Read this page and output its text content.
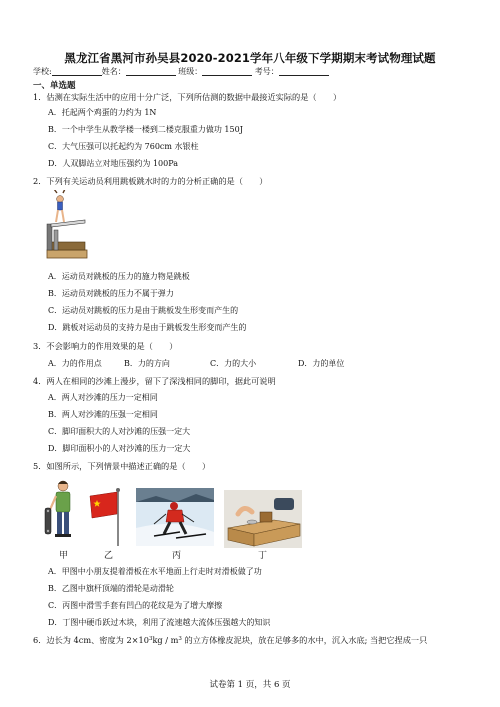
黑龙江省黑河市孙吴县2020-2021学年八年级下学期期末考试物理试题
学校:	姓名：	班级：	考号：
一、单选题
1．估测在实际生活中的应用十分广泛，下列所估测的数据中最接近实际的是（　　）
A．托起两个鸡蛋的力约为 1N
B．一个中学生从教学楼一楼到二楼克服重力做功 150J
C．大气压强可以托起约为 760cm 水银柱
D．人双脚站立对地压强约为 100Pa
2．下列有关运动员利用跳板跳水时的力的分析正确的是（　　）
A．运动员对跳板的压力的施力物是跳板
B．运动员对跳板的压力不属于弹力
C．运动员对跳板的压力是由于跳板发生形变而产生的
D．跳板对运动员的支持力是由于跳板发生形变而产生的
3．不会影响力的作用效果的是（　　）
A．力的作用点	B．力的方向	C．力的大小	D．力的单位
4．两人在相同的沙滩上漫步，留下了深浅相同的脚印，据此可说明
A．两人对沙滩的压力一定相同
B．两人对沙滩的压强一定相同
C．脚印面积大的人对沙滩的压强一定大
D．脚印面积小的人对沙滩的压力一定大
5．如图所示，下列情景中描述正确的是（　　）
甲	乙	丙	丁
A．甲图中小朋友提着滑板在水平地面上行走时对滑板做了功
B．乙图中旗杆顶端的滑轮是动滑轮
C．丙图中滑雪手套有凹凸的花纹是为了增大摩擦
D．丁图中硬币跃过木块，利用了流速越大流体压强越大的知识
6．边长为 4cm、密度为 $2\times 10^3kg / m^3$ 的立方体橡皮泥块，放在足够多的水中，沉入水底; 当把它捏成一只
试卷第 1 页，共 6 页
